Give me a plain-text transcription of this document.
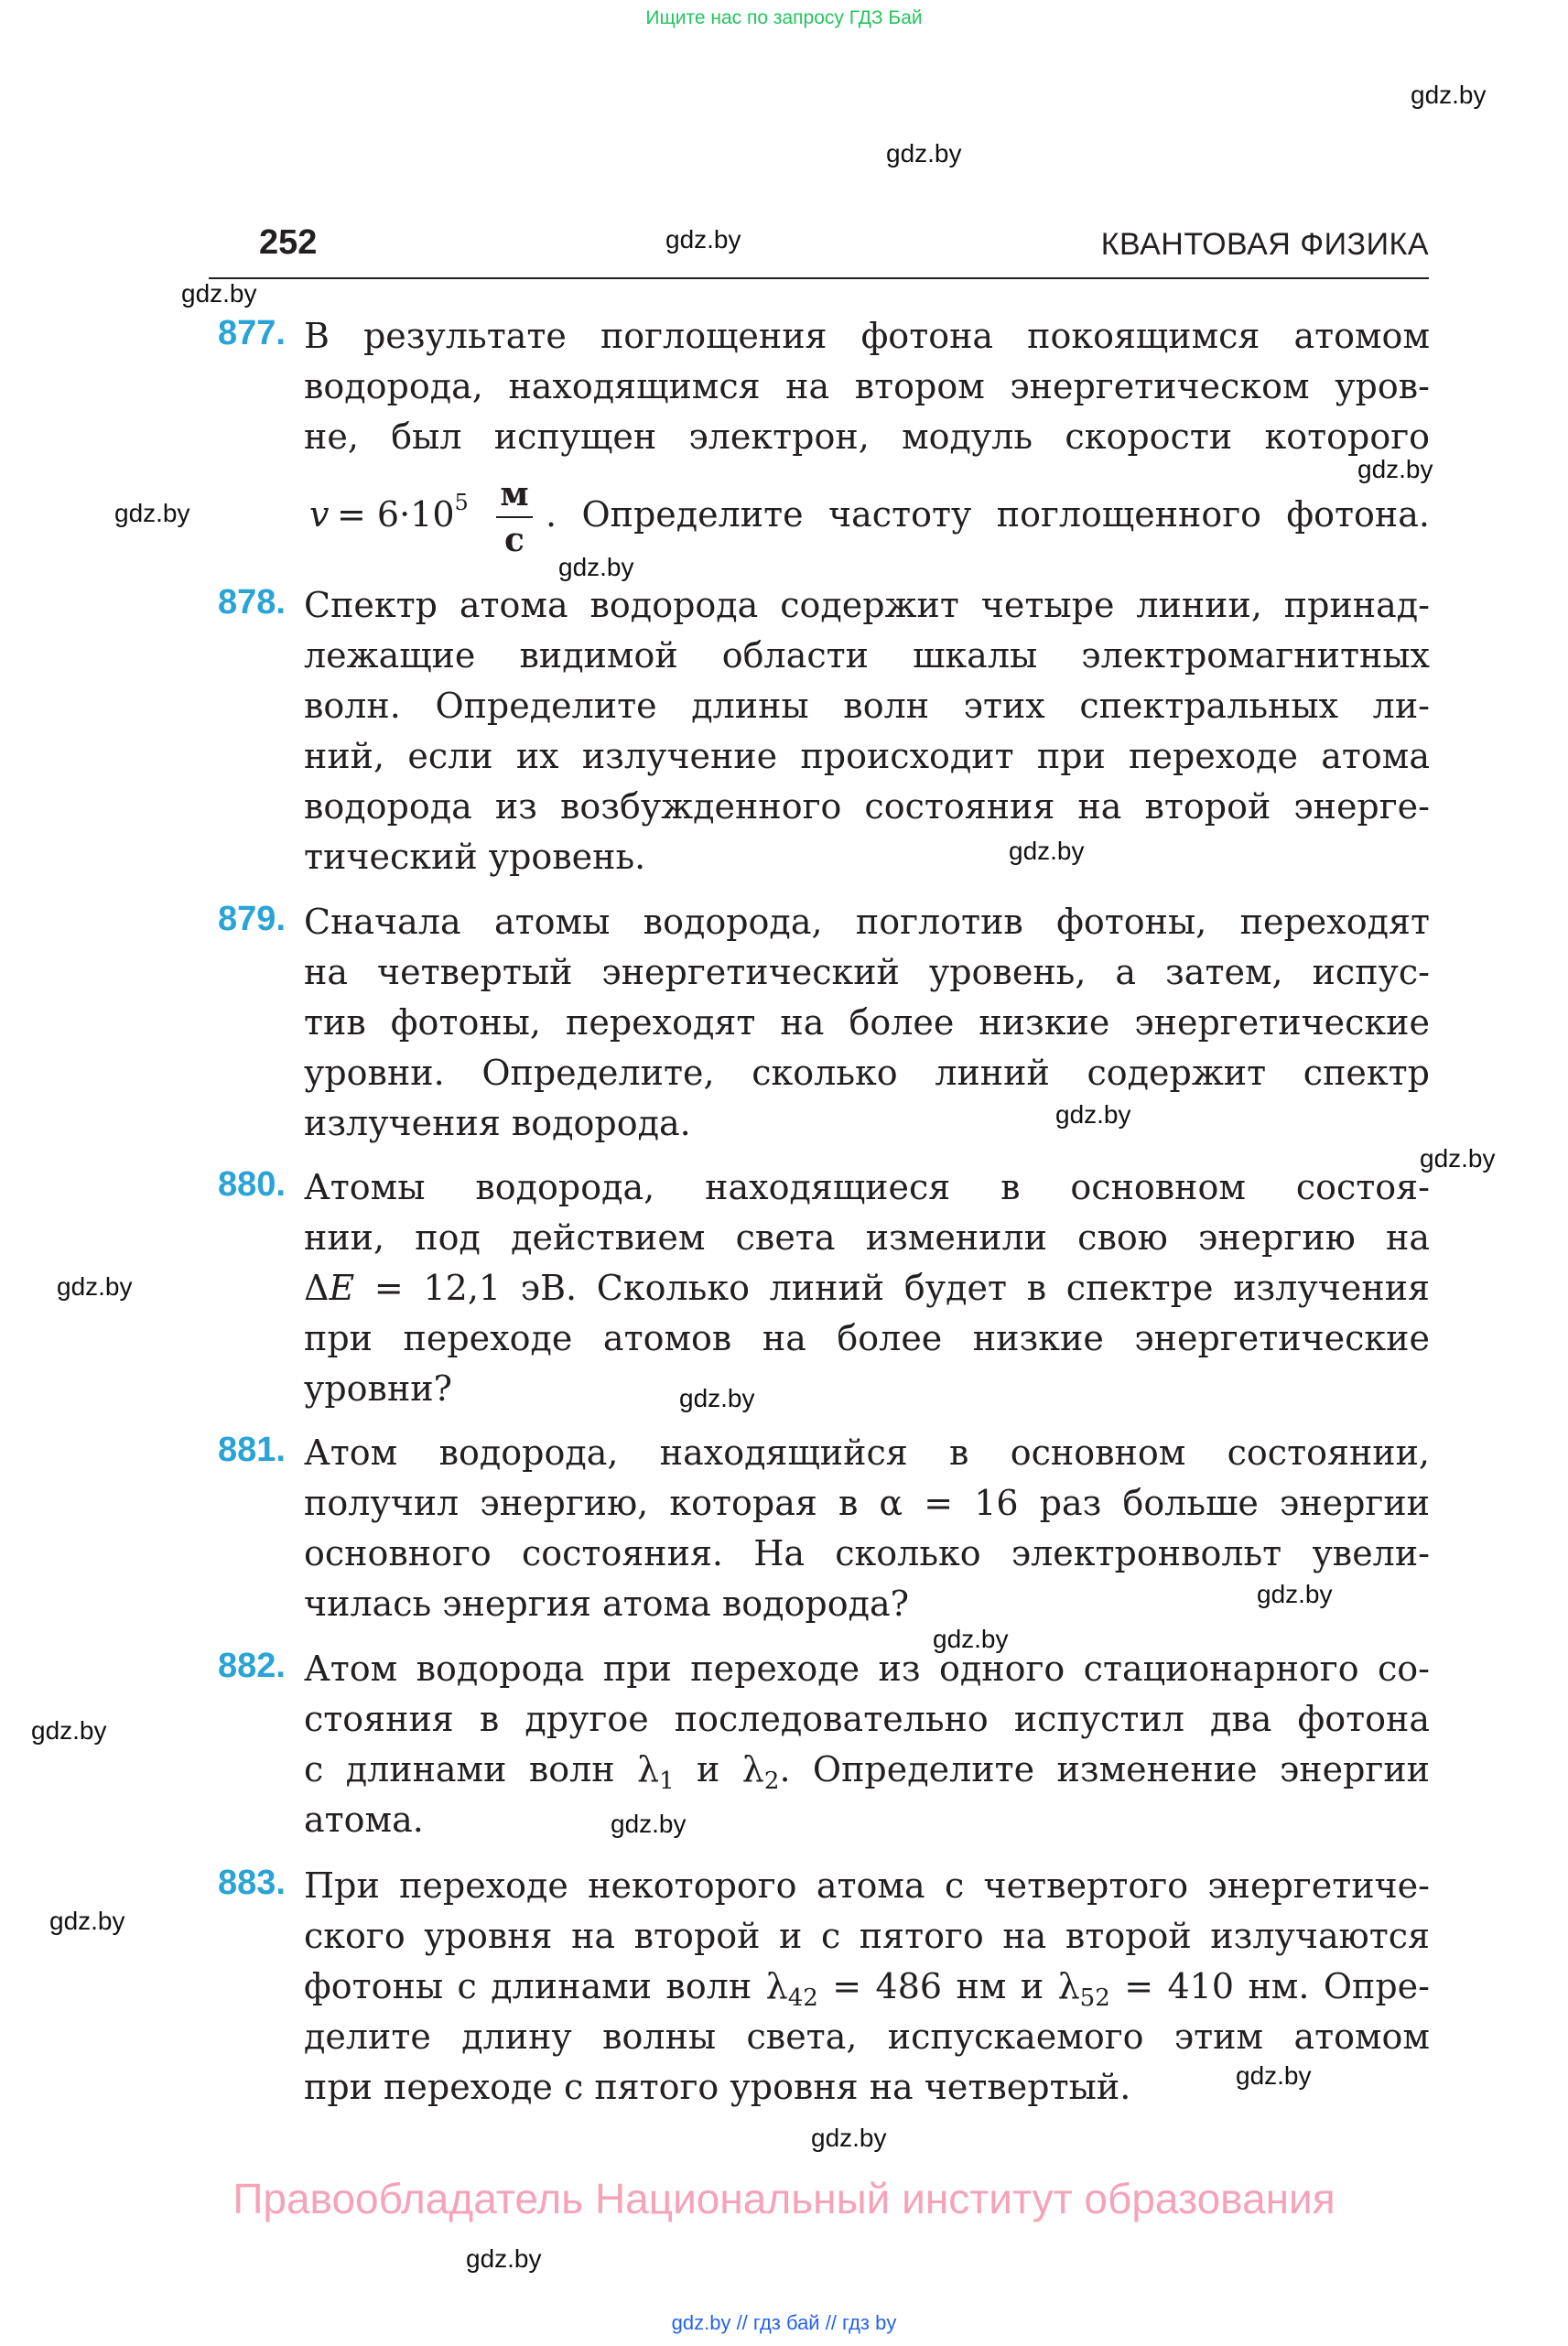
Ищите нас по запросу ГДЗ Бай
gdz.by
gdz.by
gdz.by
gdz.by
gdz.by
gdz.by
gdz.by
gdz.by
gdz.by
gdz.by
gdz.by
gdz.by
gdz.by
gdz.by
gdz.by
gdz.by
gdz.by
gdz.by
gdz.by
gdz.by
252	КВАНТОВАЯ ФИЗИКА
877. В результате поглощения фотона покоящимся атомом
водорода, находящимся на втором энергетическом уров-
не, был испущен электрон, модуль скорости которого
$v = 6\cdot 10^5$ м
с
. Определите частоту поглощенного фотона.
878. Спектр атома водорода содержит четыре линии, принад-
лежащие видимой области шкалы электромагнитных
волн. Определите длины волн этих спектральных ли-
ний, если их излучение происходит при переходе атома
водорода из возбужденного состояния на второй энерге-
тический уровень.
879. Сначала атомы водорода, поглотив фотоны, переходят
на четвертый энергетический уровень, а затем, испус-
тив фотоны, переходят на более низкие энергетические
уровни. Определите, сколько линий содержит спектр
излучения водорода.
880. Атомы водорода, находящиеся в основном состоя-
нии, под действием света изменили свою энергию на
ΔE = 12,1 эВ. Сколько линий будет в спектре излучения
при переходе атомов на более низкие энергетические
уровни?
881. Атом водорода, находящийся в основном состоянии,
получил энергию, которая в α = 16 раз больше энергии
основного состояния. На сколько электронвольт увели-
чилась энергия атома водорода?
882. Атом водорода при переходе из одного стационарного со-
стояния в другое последовательно испустил два фотона
с длинами волн $\lambda_1$ и $\lambda_2$. Определите изменение энергии
атома.
883. При переходе некоторого атома с четвертого энергетиче-
ского уровня на второй и с пятого на второй излучаются
фотоны с длинами волн $\lambda_{42} = 486$ нм и $\lambda_{52} = 410$ нм. Опре-
делите длину волны света, испускаемого этим атомом
при переходе с пятого уровня на четвертый.
Правообладатель Национальный институт образования
gdz.by // гдз бай // гдз by
